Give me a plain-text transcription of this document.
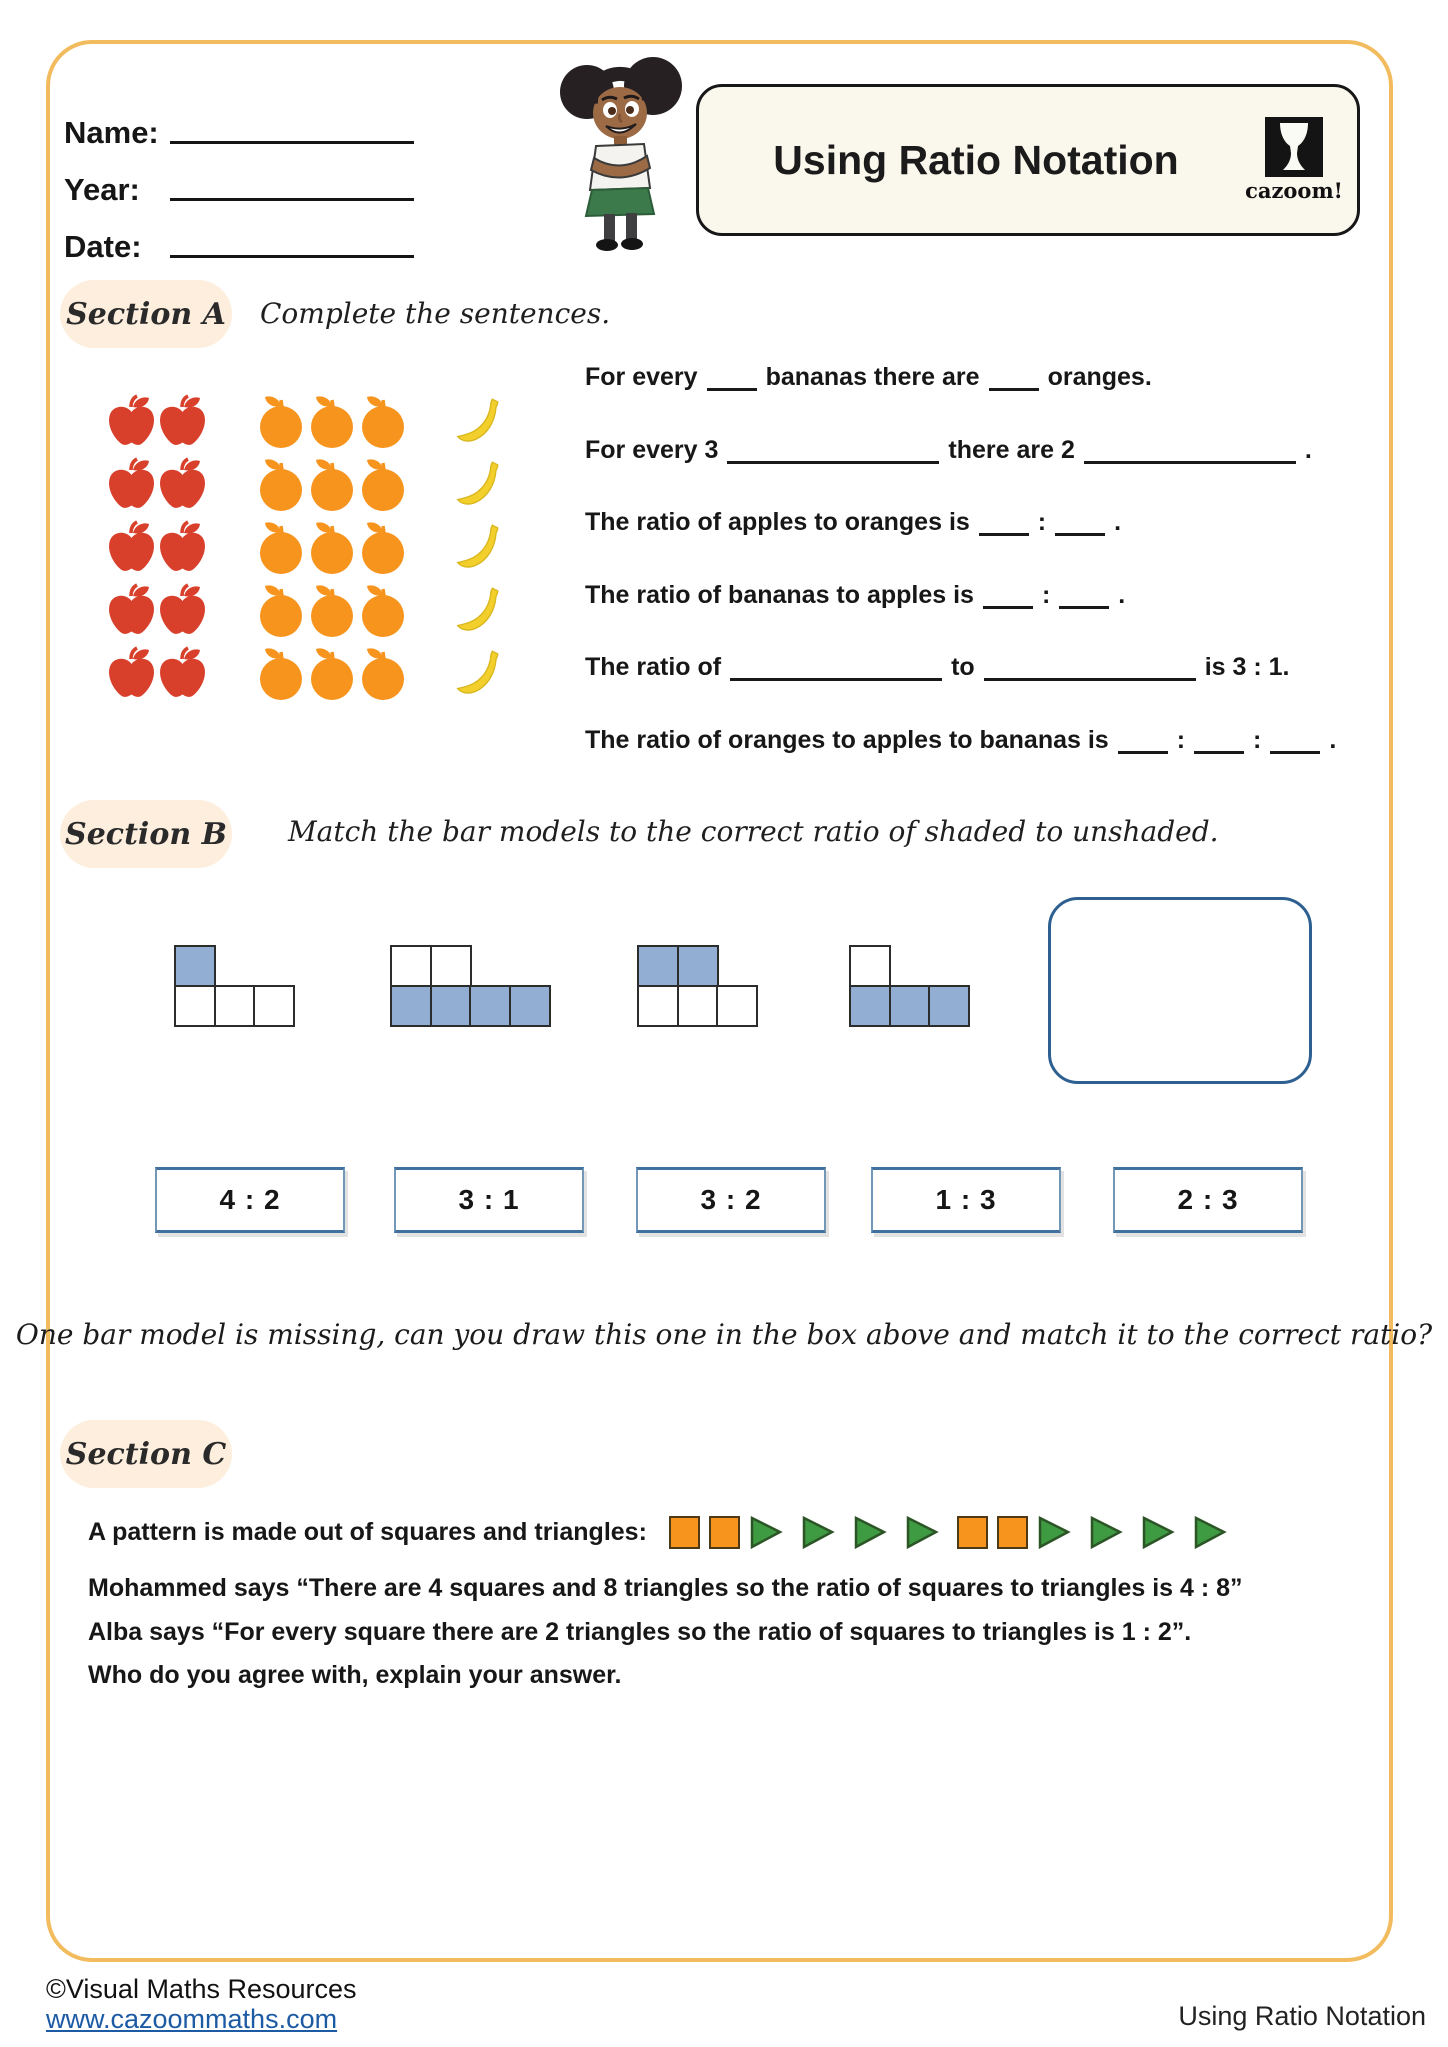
Name:
Year:
Date:
Using Ratio Notation
cazoom!
Section A Complete the sentences.
For every	bananas there are	oranges.
For every 3	there are 2	.
The ratio of apples to oranges is	:	.
The ratio of bananas to apples is	:	.
The ratio of	to	is 3 : 1.
The ratio of oranges to apples to bananas is	:	:	.
Section B Match the bar models to the correct ratio of shaded to unshaded.
4 : 2	3 : 1	3 : 2	1 : 3	2 : 3
One bar model is missing, can you draw this one in the box above and match it to the correct ratio?
Section C
A pattern is made out of squares and triangles:
Mohammed says “There are 4 squares and 8 triangles so the ratio of squares to triangles is 4 : 8”
Alba says “For every square there are 2 triangles so the ratio of squares to triangles is 1 : 2”.
Who do you agree with, explain your answer.
©Visual Maths Resources
www.cazoommaths.com	Using Ratio Notation
